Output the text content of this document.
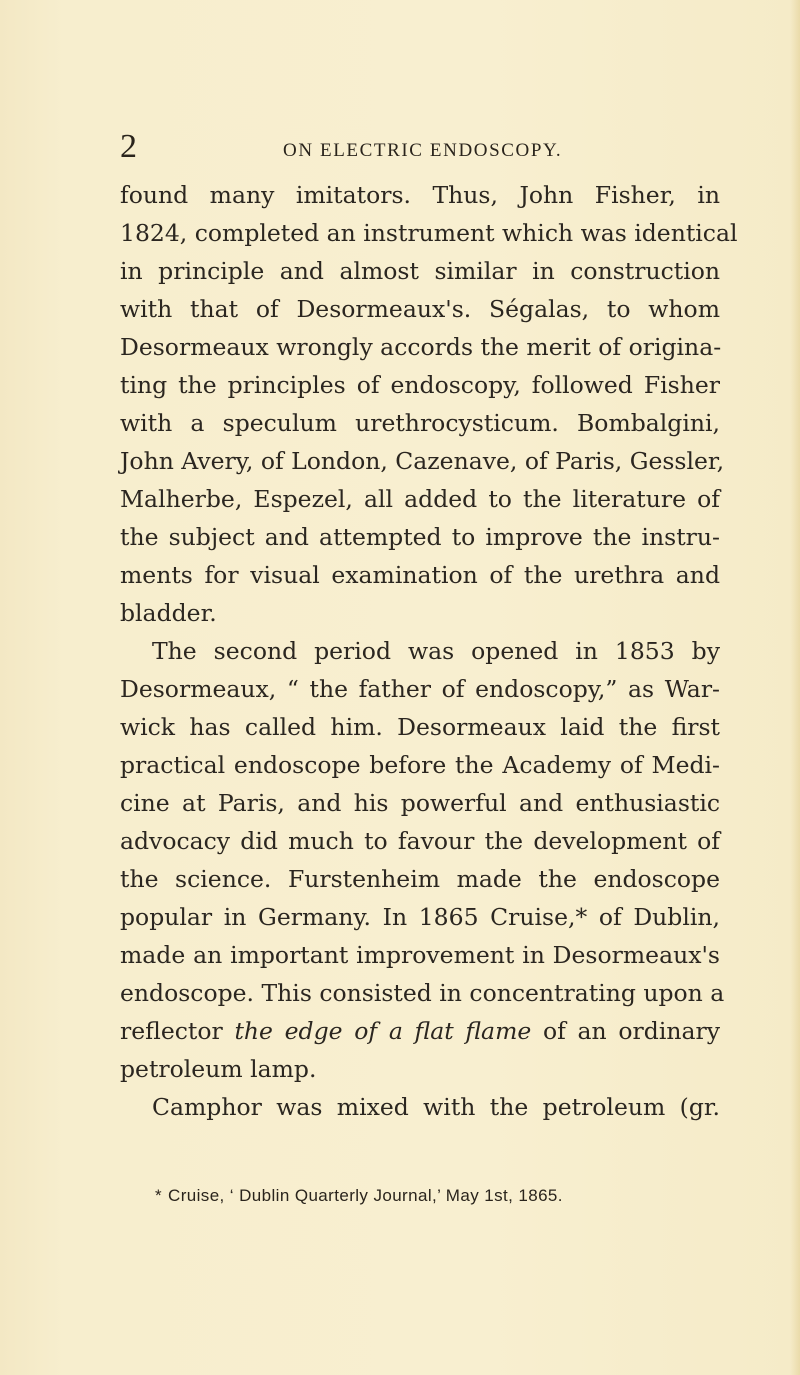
2	ON ELECTRIC ENDOSCOPY.
found many imitators. Thus, John Fisher, in
1824, completed an instrument which was identical
in principle and almost similar in construction
with that of Desormeaux's. Ségalas, to whom
Desormeaux wrongly accords the merit of origina-
ting the principles of endoscopy, followed Fisher
with a speculum urethrocysticum. Bombalgini,
John Avery, of London, Cazenave, of Paris, Gessler,
Malherbe, Espezel, all added to the literature of
the subject and attempted to improve the instru-
ments for visual examination of the urethra and
bladder.
The second period was opened in 1853 by
Desormeaux, “ the father of endoscopy,” as War-
wick has called him. Desormeaux laid the first
practical endoscope before the Academy of Medi-
cine at Paris, and his powerful and enthusiastic
advocacy did much to favour the development of
the science. Furstenheim made the endoscope
popular in Germany. In 1865 Cruise,* of Dublin,
made an important improvement in Desormeaux's
endoscope. This consisted in concentrating upon a
reflector the edge of a flat flame of an ordinary
petroleum lamp.
Camphor was mixed with the petroleum (gr.
* Cruise, ‘ Dublin Quarterly Journal,’ May 1st, 1865.
